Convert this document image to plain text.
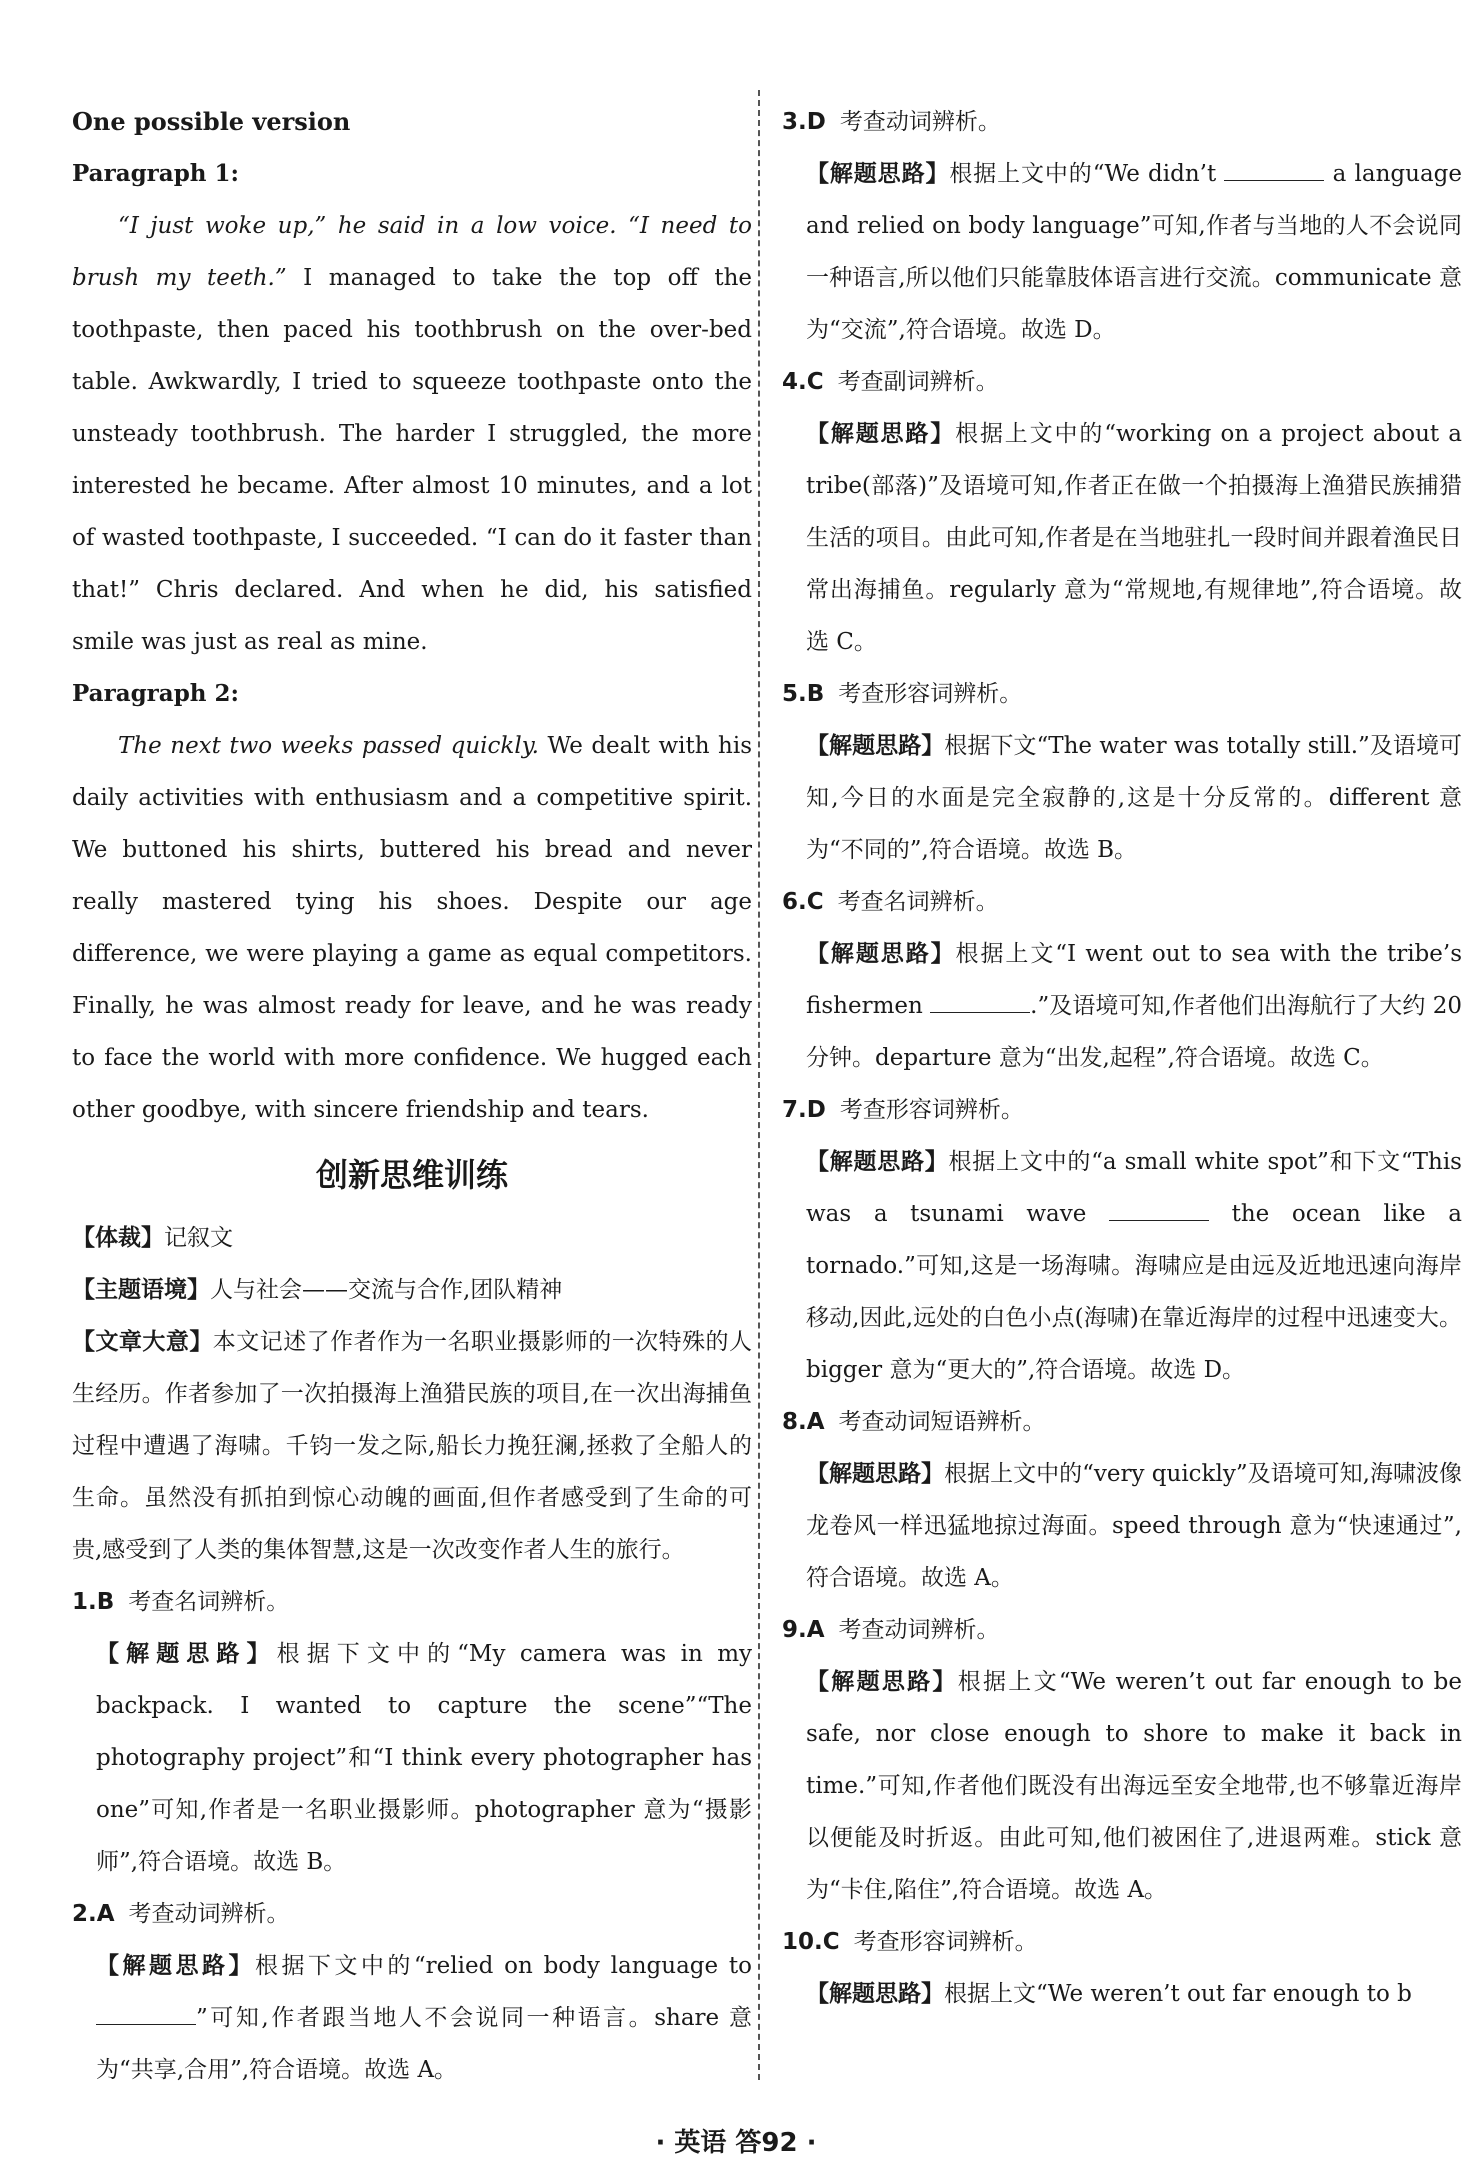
One possible version

Paragraph 1:

“I just woke up,” he said in a low voice. “I need to brush my teeth.” I managed to take the top off the toothpaste, then paced his toothbrush on the over-bed table. Awkwardly, I tried to squeeze toothpaste onto the unsteady toothbrush. The harder I struggled, the more interested he became. After almost 10 minutes, and a lot of wasted toothpaste, I succeeded. “I can do it faster than that!” Chris declared. And when he did, his satisfied smile was just as real as mine.

Paragraph 2:

The next two weeks passed quickly. We dealt with his daily activities with enthusiasm and a competitive spirit. We buttoned his shirts, buttered his bread and never really mastered tying his shoes. Despite our age difference, we were playing a game as equal competitors. Finally, he was almost ready for leave, and he was ready to face the world with more confidence. We hugged each other goodbye, with sincere friendship and tears.

创新思维训练

【体裁】记叙文

【主题语境】人与社会——交流与合作,团队精神

【文章大意】本文记述了作者作为一名职业摄影师的一次特殊的人生经历。作者参加了一次拍摄海上渔猎民族的项目,在一次出海捕鱼过程中遭遇了海啸。千钧一发之际,船长力挽狂澜,拯救了全船人的生命。虽然没有抓拍到惊心动魄的画面,但作者感受到了生命的可贵,感受到了人类的集体智慧,这是一次改变作者人生的旅行。

1.B 考查名词辨析。

【解题思路】根据下文中的“My camera was in my backpack. I wanted to capture the scene”“The photography project”和“I think every photographer has one”可知,作者是一名职业摄影师。photographer 意为“摄影师”,符合语境。故选 B。

2.A 考查动词辨析。

【解题思路】根据下文中的“relied on body language to ”可知,作者跟当地人不会说同一种语言。share 意为“共享,合用”,符合语境。故选 A。

3.D 考查动词辨析。

【解题思路】根据上文中的“We didn’t	a language and relied on body language”可知,作者与当地的人不会说同一种语言,所以他们只能靠肢体语言进行交流。communicate 意为“交流”,符合语境。故选 D。

4.C 考查副词辨析。

【解题思路】根据上文中的“working on a project about a tribe(部落)”及语境可知,作者正在做一个拍摄海上渔猎民族捕猎生活的项目。由此可知,作者是在当地驻扎一段时间并跟着渔民日常出海捕鱼。regularly 意为“常规地,有规律地”,符合语境。故选 C。

5.B 考查形容词辨析。

【解题思路】根据下文“The water was totally still.”及语境可知,今日的水面是完全寂静的,这是十分反常的。different 意为“不同的”,符合语境。故选 B。

6.C 考查名词辨析。

【解题思路】根据上文“I went out to sea with the tribe’s fishermen	.”及语境可知,作者他们出海航行了大约 20 分钟。departure 意为“出发,起程”,符合语境。故选 C。

7.D 考查形容词辨析。

【解题思路】根据上文中的“a small white spot”和下文“This was a tsunami wave	the ocean like a tornado.”可知,这是一场海啸。海啸应是由远及近地迅速向海岸移动,因此,远处的白色小点(海啸)在靠近海岸的过程中迅速变大。bigger 意为“更大的”,符合语境。故选 D。

8.A 考查动词短语辨析。

【解题思路】根据上文中的“very quickly”及语境可知,海啸波像龙卷风一样迅猛地掠过海面。speed through 意为“快速通过”,符合语境。故选 A。

9.A 考查动词辨析。

【解题思路】根据上文“We weren’t out far enough to be safe, nor close enough to shore to make it back in time.”可知,作者他们既没有出海远至安全地带,也不够靠近海岸以便能及时折返。由此可知,他们被困住了,进退两难。stick 意为“卡住,陷住”,符合语境。故选 A。

10.C 考查形容词辨析。

【解题思路】根据上文“We weren’t out far enough to b

· 英语 答92 ·
